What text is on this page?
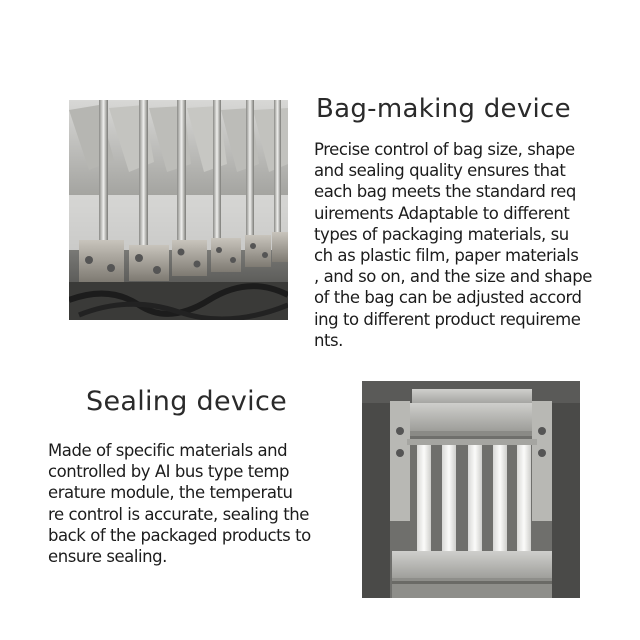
Bag-making device

Precise control of bag size, shape
and sealing quality ensures that
each bag meets the standard req
uirements Adaptable to different
types of packaging materials, su
ch as plastic film, paper materials
, and so on, and the size and shape
of the bag can be adjusted accord
ing to different product requireme
nts.

Sealing device

Made of specific materials and
controlled by AI bus type temp
erature module, the temperatu
re control is accurate, sealing the
back of the packaged products to
ensure sealing.
